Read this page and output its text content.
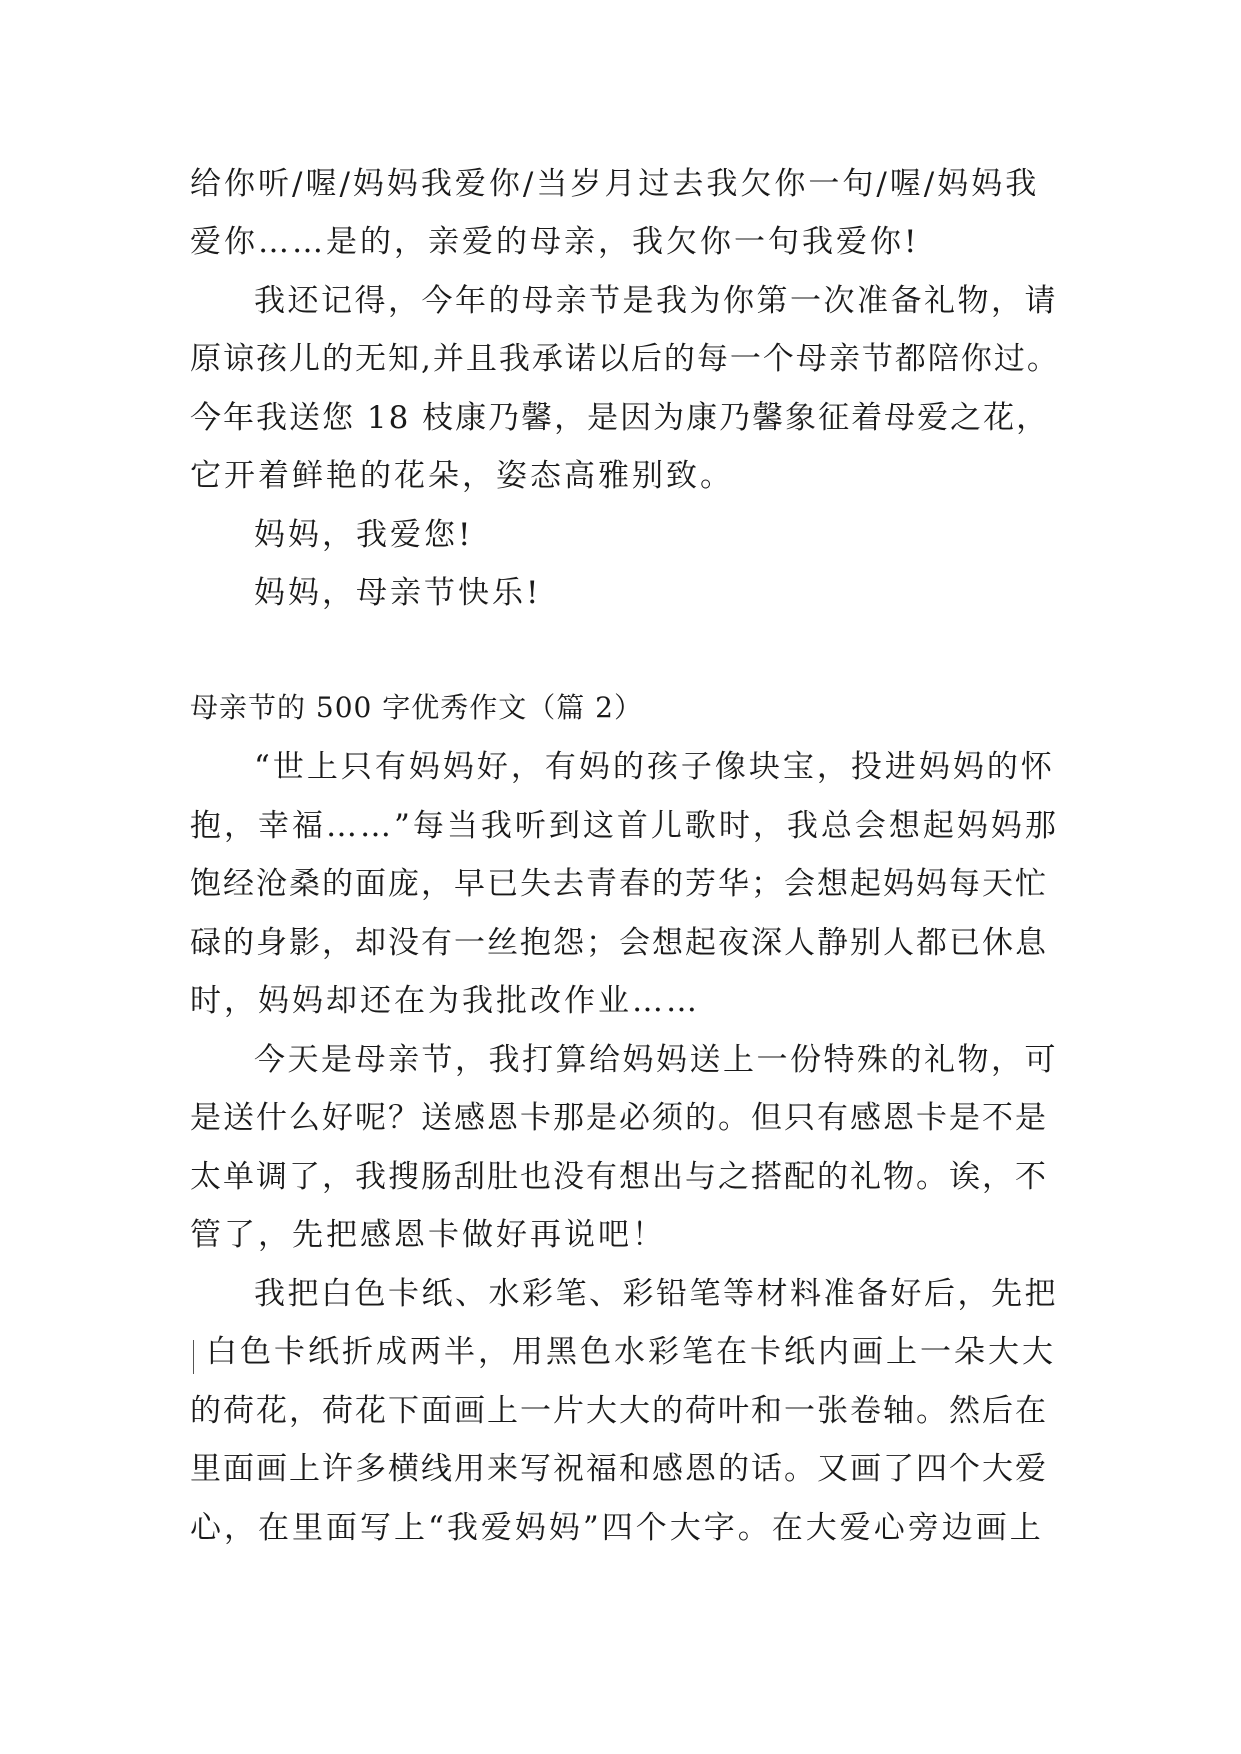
给你听/喔/妈妈我爱你/当岁月过去我欠你一句/喔/妈妈我
爱你……是的，亲爱的母亲，我欠你一句我爱你!
我还记得，今年的母亲节是我为你第一次准备礼物，请
原谅孩儿的无知,并且我承诺以后的每一个母亲节都陪你过。
今年我送您 18 枝康乃馨，是因为康乃馨象征着母爱之花，
它开着鲜艳的花朵，姿态高雅别致。
妈妈，我爱您!
妈妈，母亲节快乐!
母亲节的 500 字优秀作文（篇 2）
“世上只有妈妈好，有妈的孩子像块宝，投进妈妈的怀
抱，幸福……”每当我听到这首儿歌时，我总会想起妈妈那
饱经沧桑的面庞，早已失去青春的芳华；会想起妈妈每天忙
碌的身影，却没有一丝抱怨；会想起夜深人静别人都已休息
时，妈妈却还在为我批改作业……
今天是母亲节，我打算给妈妈送上一份特殊的礼物，可
是送什么好呢？送感恩卡那是必须的。但只有感恩卡是不是
太单调了，我搜肠刮肚也没有想出与之搭配的礼物。诶，不
管了，先把感恩卡做好再说吧！
我把白色卡纸、水彩笔、彩铅笔等材料准备好后，先把
白色卡纸折成两半，用黑色水彩笔在卡纸内画上一朵大大
的荷花，荷花下面画上一片大大的荷叶和一张卷轴。然后在
里面画上许多横线用来写祝福和感恩的话。又画了四个大爱
心，在里面写上“我爱妈妈”四个大字。在大爱心旁边画上
